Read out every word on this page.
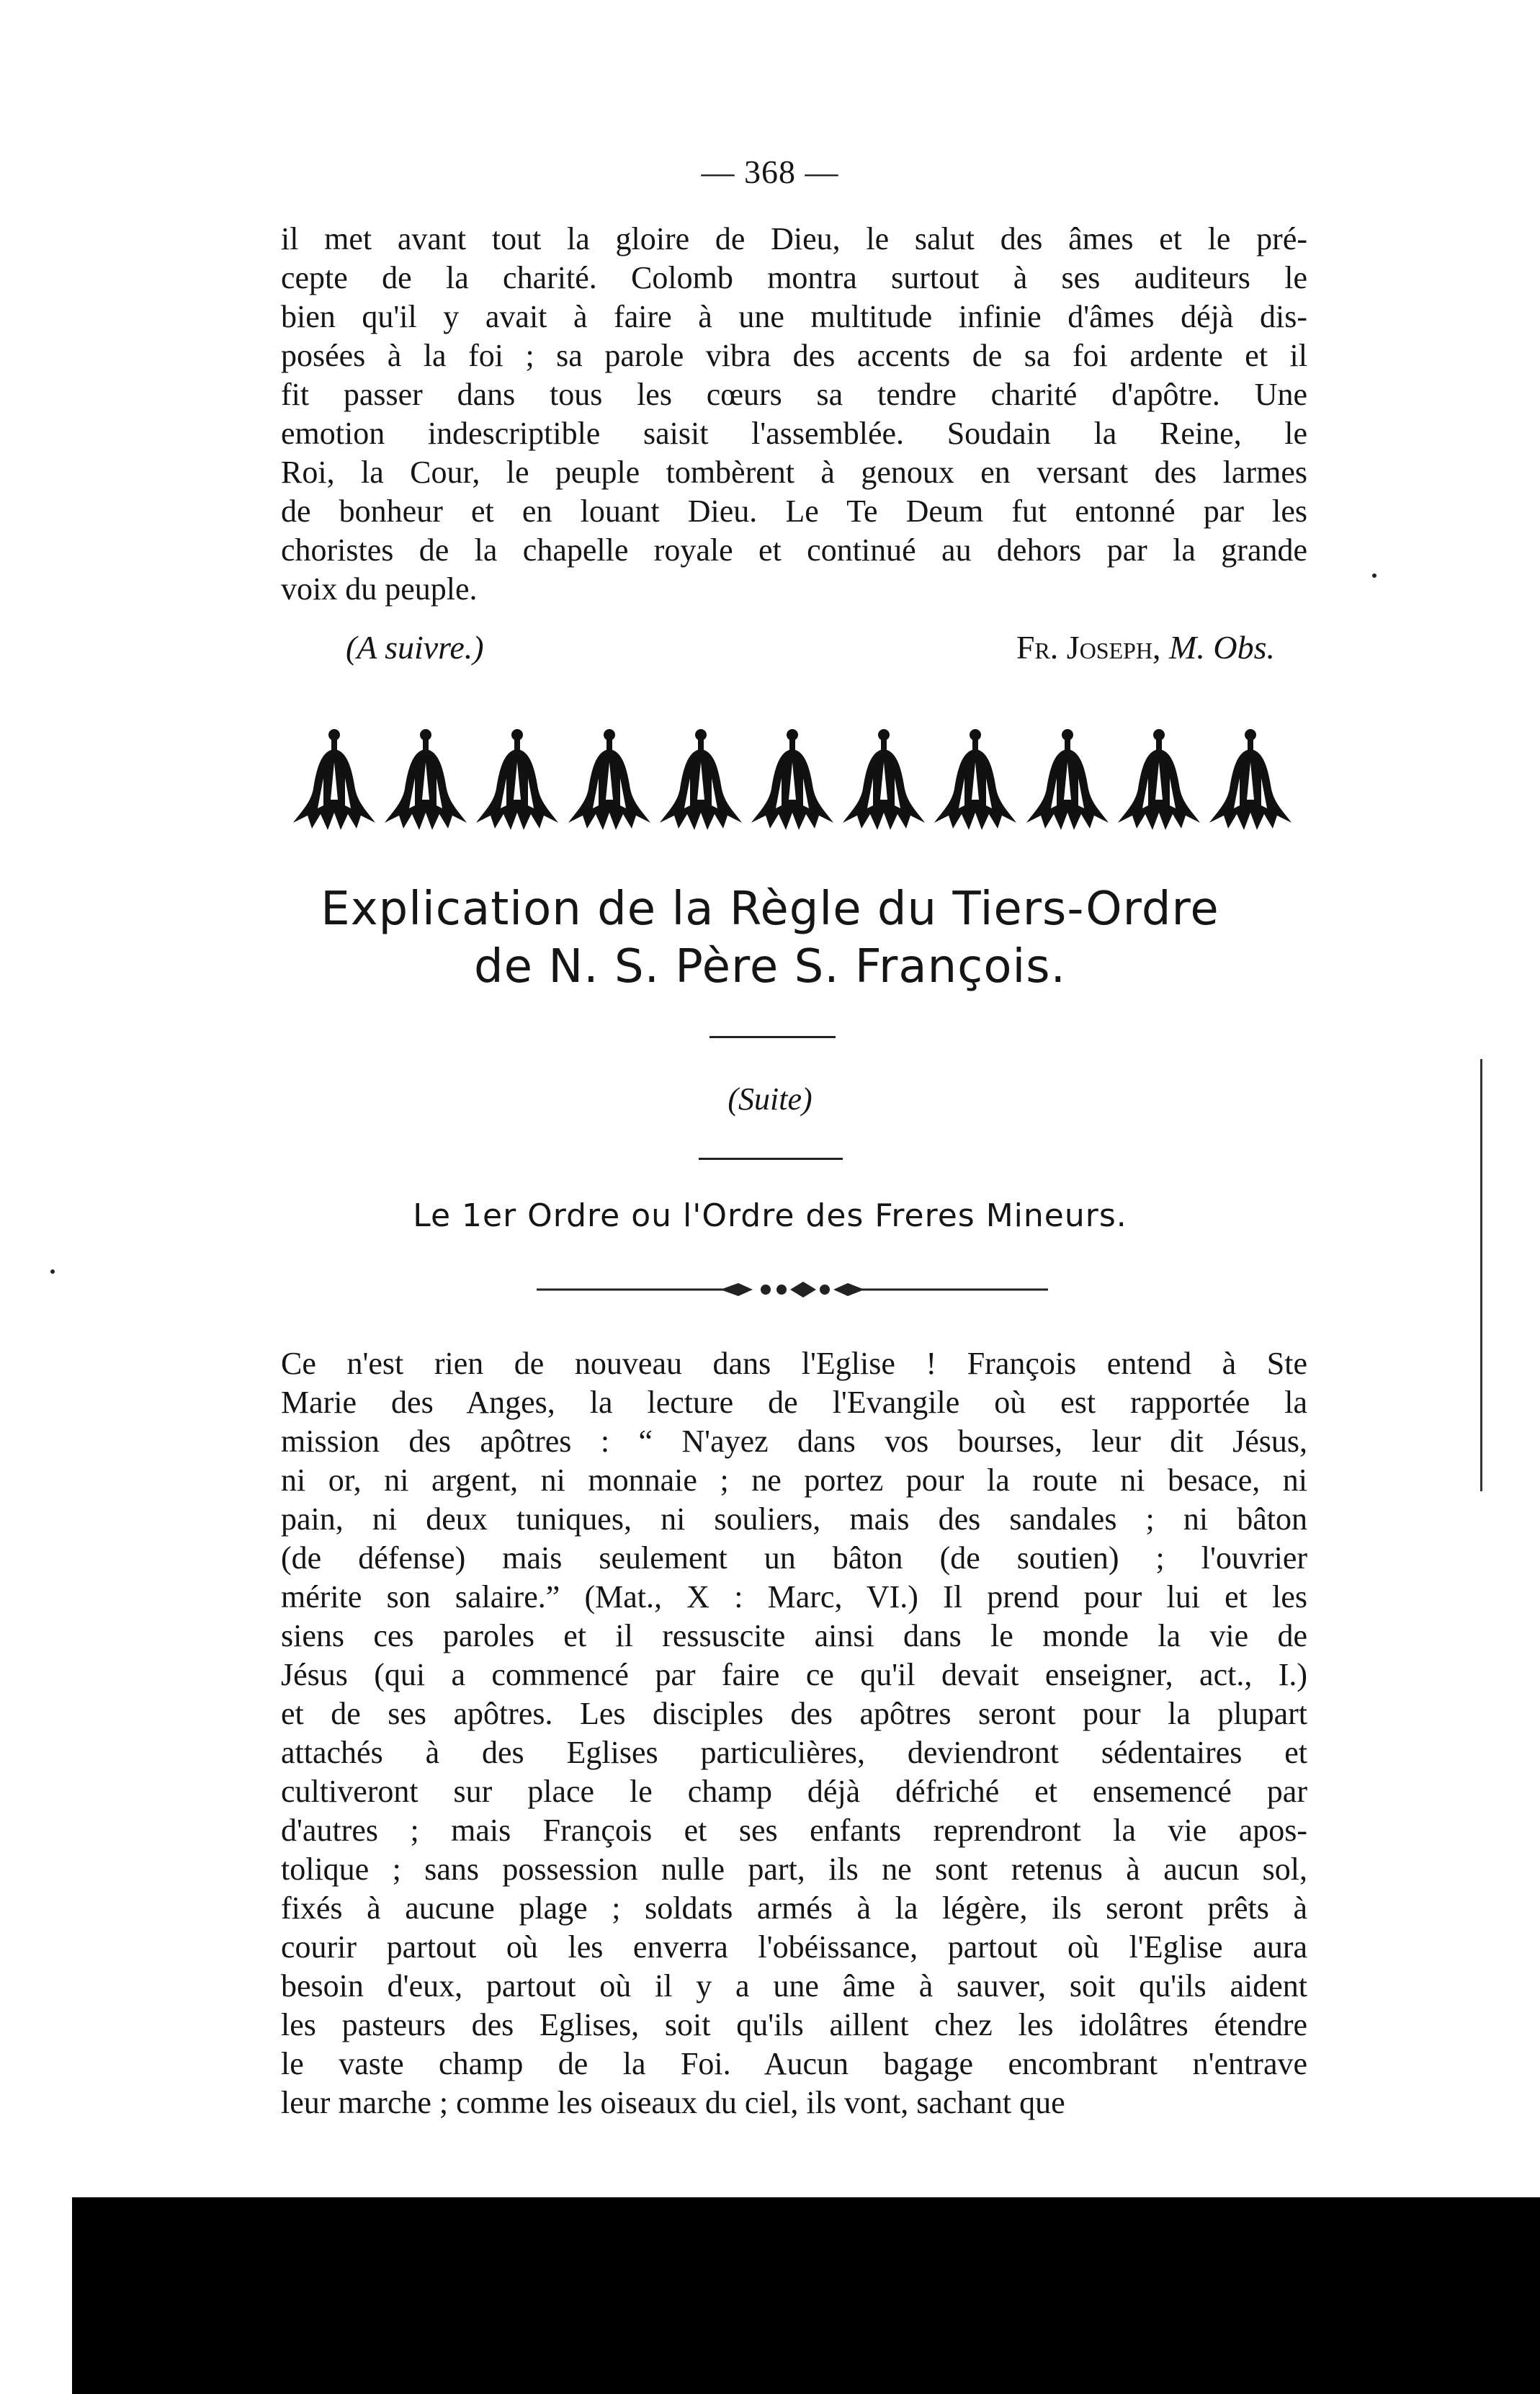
— 368 —
il met avant tout la gloire de Dieu, le salut des âmes et le pré-
cepte de la charité. Colomb montra surtout à ses auditeurs le
bien qu'il y avait à faire à une multitude infinie d'âmes déjà dis-
posées à la foi ; sa parole vibra des accents de sa foi ardente et il
fit passer dans tous les cœurs sa tendre charité d'apôtre. Une
emotion indescriptible saisit l'assemblée. Soudain la Reine, le
Roi, la Cour, le peuple tombèrent à genoux en versant des larmes
de bonheur et en louant Dieu. Le Te Deum fut entonné par les
choristes de la chapelle royale et continué au dehors par la grande
voix du peuple.
(A suivre.)	Fr. Joseph, M. Obs.
Explication de la Règle du Tiers-Ordre
de N. S. Père S. François.
(Suite)
Le 1er Ordre ou l'Ordre des Freres Mineurs.
Ce n'est rien de nouveau dans l'Eglise ! François entend à Ste
Marie des Anges, la lecture de l'Evangile où est rapportée la
mission des apôtres : “ N'ayez dans vos bourses, leur dit Jésus,
ni or, ni argent, ni monnaie ; ne portez pour la route ni besace, ni
pain, ni deux tuniques, ni souliers, mais des sandales ; ni bâton
(de défense) mais seulement un bâton (de soutien) ; l'ouvrier
mérite son salaire.” (Mat., X : Marc, VI.) Il prend pour lui et les
siens ces paroles et il ressuscite ainsi dans le monde la vie de
Jésus (qui a commencé par faire ce qu'il devait enseigner, act., I.)
et de ses apôtres. Les disciples des apôtres seront pour la plupart
attachés à des Eglises particulières, deviendront sédentaires et
cultiveront sur place le champ déjà défriché et ensemencé par
d'autres ; mais François et ses enfants reprendront la vie apos-
tolique ; sans possession nulle part, ils ne sont retenus à aucun sol,
fixés à aucune plage ; soldats armés à la légère, ils seront prêts à
courir partout où les enverra l'obéissance, partout où l'Eglise aura
besoin d'eux, partout où il y a une âme à sauver, soit qu'ils aident
les pasteurs des Eglises, soit qu'ils aillent chez les idolâtres étendre
le vaste champ de la Foi. Aucun bagage encombrant n'entrave
leur marche ; comme les oiseaux du ciel, ils vont, sachant que
